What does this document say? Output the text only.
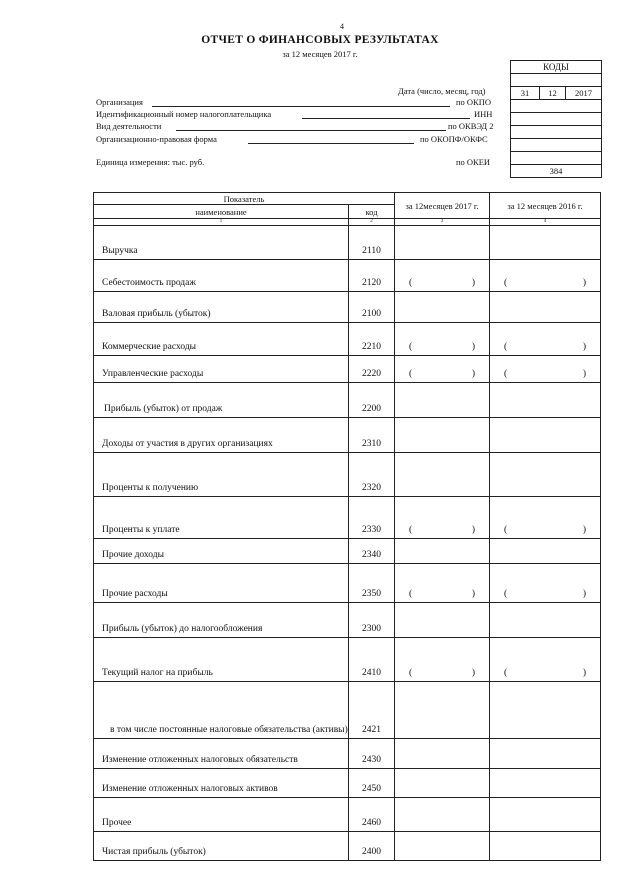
4
ОТЧЕТ О ФИНАНСОВЫХ РЕЗУЛЬТАТАХ
за 12 месяцев 2017 г.
КОДЫ
31	12	2017
384
Дата (число, месяц, год)
Организация	по ОКПО
Идентификационный номер налогоплательщика	ИНН
Вид деятельности	по ОКВЭД 2
Организационно-правовая форма	по ОКОПФ/ОКФС
Единица измерения: тыс. руб.	по ОКЕИ
Показатель		за 12месяцев 2017 г.	за 12 месяцев 2016 г.
наименование	код		
1	2	3	4
Выручка	2110		
Себестоимость продаж	2120	( )	( )

Валовая прибыль (убыток)	2100		
Коммерческие расходы	2210	( )	( )

Управленческие расходы	2220	( )	( )

Прибыль (убыток) от продаж	2200		
Доходы от участия в других организациях	2310		
Проценты к получению	2320		
Проценты к уплате	2330	( )	( )

Прочие доходы	2340		
Прочие расходы	2350	( )	( )

Прибыль (убыток) до налогообложения	2300		
Текущий налог на прибыль	2410	( )	( )

в том числе постоянные налоговые обязательства (активы)	2421		
Изменение отложенных налоговых обязательств	2430		
Изменение отложенных налоговых активов	2450		
Прочее	2460		
Чистая прибыль (убыток)	2400		
